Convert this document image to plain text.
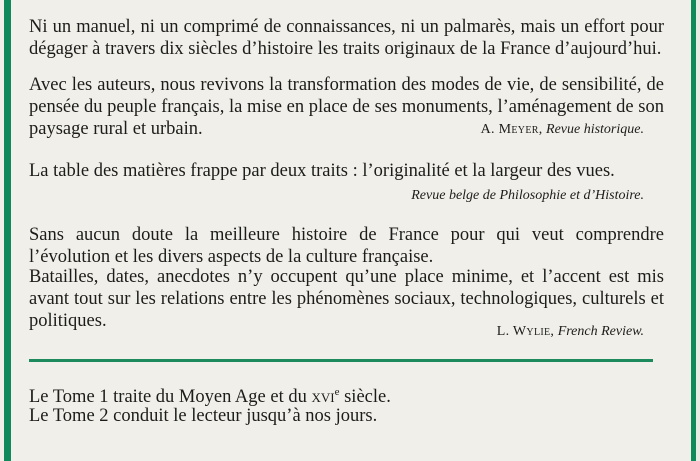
Ni un manuel, ni un comprimé de connaissances, ni un palmarès, mais un effort pour dégager à travers dix siècles d’histoire les traits originaux de la France d’aujourd’hui.

Avec les auteurs, nous revivons la transformation des modes de vie, de sensibilité, de pensée du peuple français, la mise en place de ses monuments, l’aménagement de son paysage rural et urbain.	A. Meyer, Revue historique.

La table des matières frappe par deux traits : l’originalité et la largeur des vues.

Revue belge de Philosophie et d’Histoire.

Sans aucun doute la meilleure histoire de France pour qui veut comprendre l’évolution et les divers aspects de la culture française.

Batailles, dates, anecdotes n’y occupent qu’une place minime, et l’accent est mis avant tout sur les relations entre les phénomènes sociaux, technologiques, culturels et politiques.

L. Wylie, French Review.

Le Tome 1 traite du Moyen Age et du xvi$^e$ siècle.

Le Tome 2 conduit le lecteur jusqu’à nos jours.
